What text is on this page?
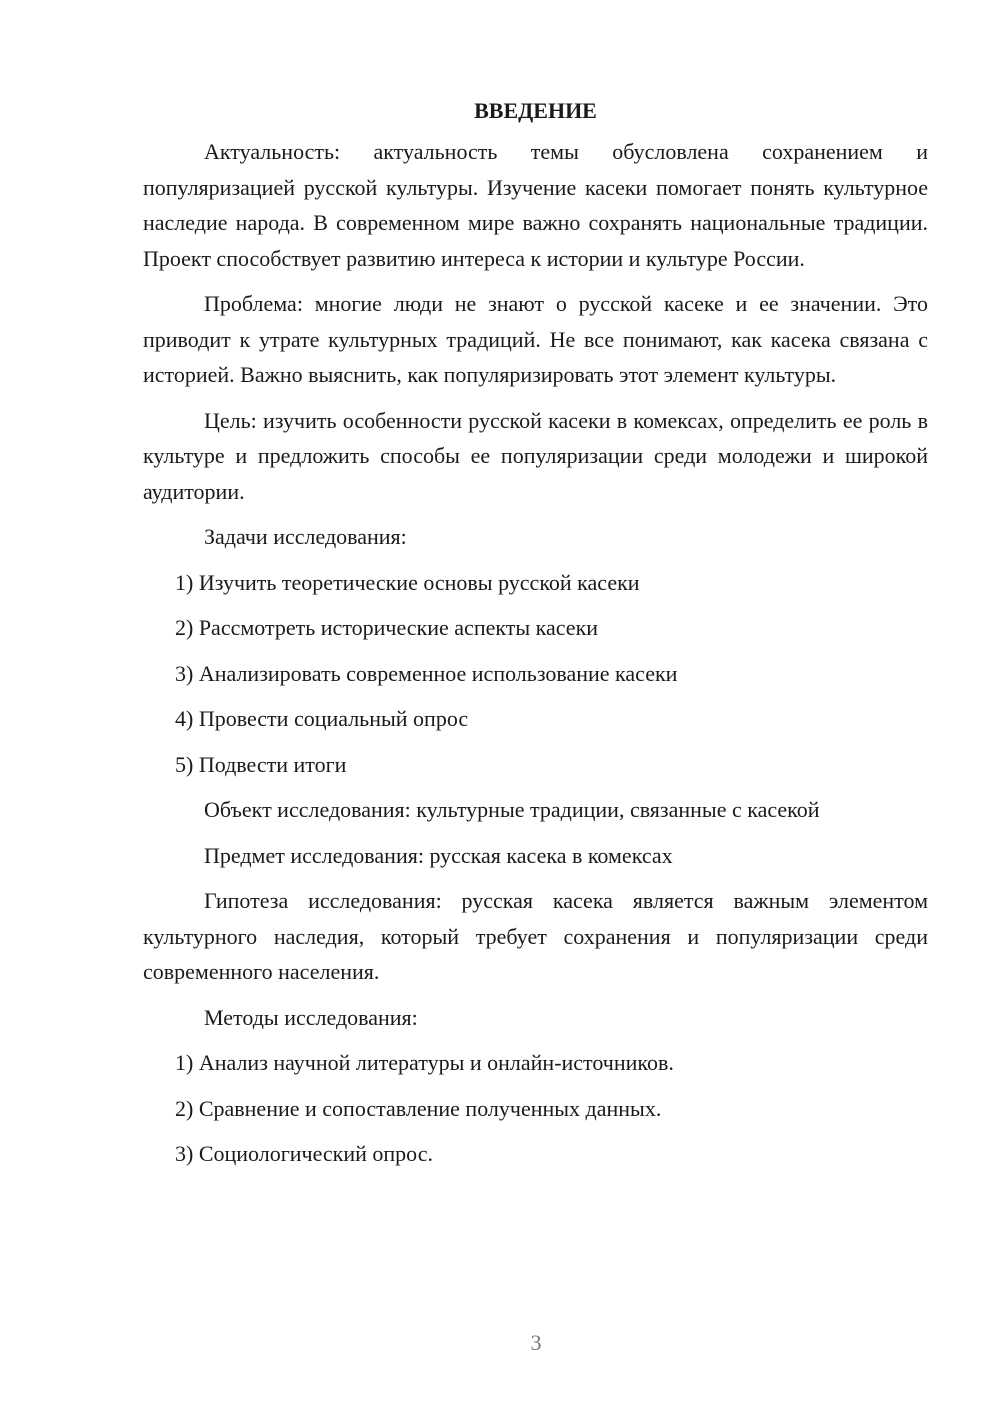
ВВЕДЕНИЕ

Актуальность: актуальность темы обусловлена сохранением и популяризацией русской культуры. Изучение касеки помогает понять культурное наследие народа. В современном мире важно сохранять национальные традиции. Проект способствует развитию интереса к истории и культуре России.

Проблема: многие люди не знают о русской касеке и ее значении. Это приводит к утрате культурных традиций. Не все понимают, как касека связана с историей. Важно выяснить, как популяризировать этот элемент культуры.

Цель: изучить особенности русской касеки в комексах, определить ее роль в культуре и предложить способы ее популяризации среди молодежи и широкой аудитории.

Задачи исследования:
1) Изучить теоретические основы русской касеки
2) Рассмотреть исторические аспекты касеки
3) Анализировать современное использование касеки
4) Провести социальный опрос
5) Подвести итоги
Объект исследования: культурные традиции, связанные с касекой
Предмет исследования: русская касека в комексах

Гипотеза исследования: русская касека является важным элементом культурного наследия, который требует сохранения и популяризации среди современного населения.

Методы исследования:
1) Анализ научной литературы и онлайн-источников.
2) Сравнение и сопоставление полученных данных.
3) Социологический опрос.
3
